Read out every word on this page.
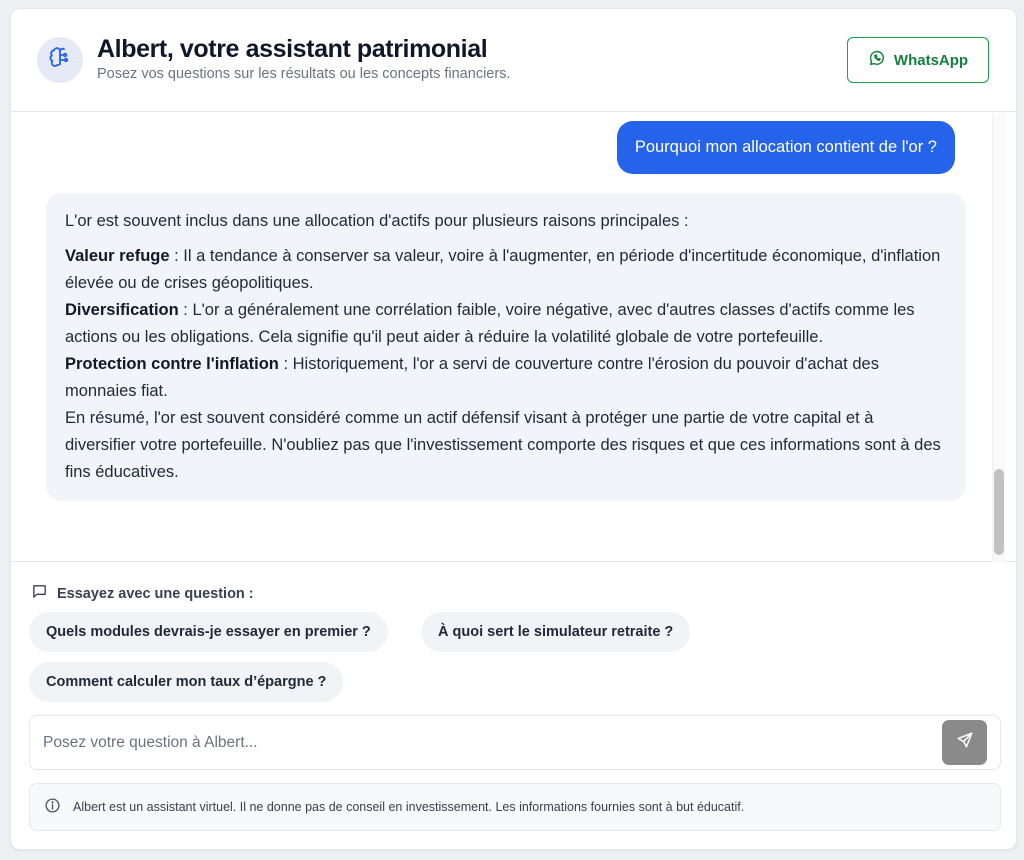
Albert, votre assistant patrimonial
Posez vos questions sur les résultats ou les concepts financiers.
WhatsApp
Pourquoi mon allocation contient de l'or ?

L'or est souvent inclus dans une allocation d'actifs pour plusieurs raisons principales :

Valeur refuge : Il a tendance à conserver sa valeur, voire à l'augmenter, en période d'incertitude économique, d'inflation élevée ou de crises géopolitiques.

Diversification : L'or a généralement une corrélation faible, voire négative, avec d'autres classes d'actifs comme les actions ou les obligations. Cela signifie qu'il peut aider à réduire la volatilité globale de votre portefeuille.

Protection contre l'inflation : Historiquement, l'or a servi de couverture contre l'érosion du pouvoir d'achat des monnaies fiat.

En résumé, l'or est souvent considéré comme un actif défensif visant à protéger une partie de votre capital et à diversifier votre portefeuille. N'oubliez pas que l'investissement comporte des risques et que ces informations sont à des fins éducatives.

Essayez avec une question :
Quels modules devrais-je essayer en premier ?	À quoi sert le simulateur retraite ?
Comment calculer mon taux d’épargne ?
Posez votre question à Albert...
Albert est un assistant virtuel. Il ne donne pas de conseil en investissement. Les informations fournies sont à but éducatif.
